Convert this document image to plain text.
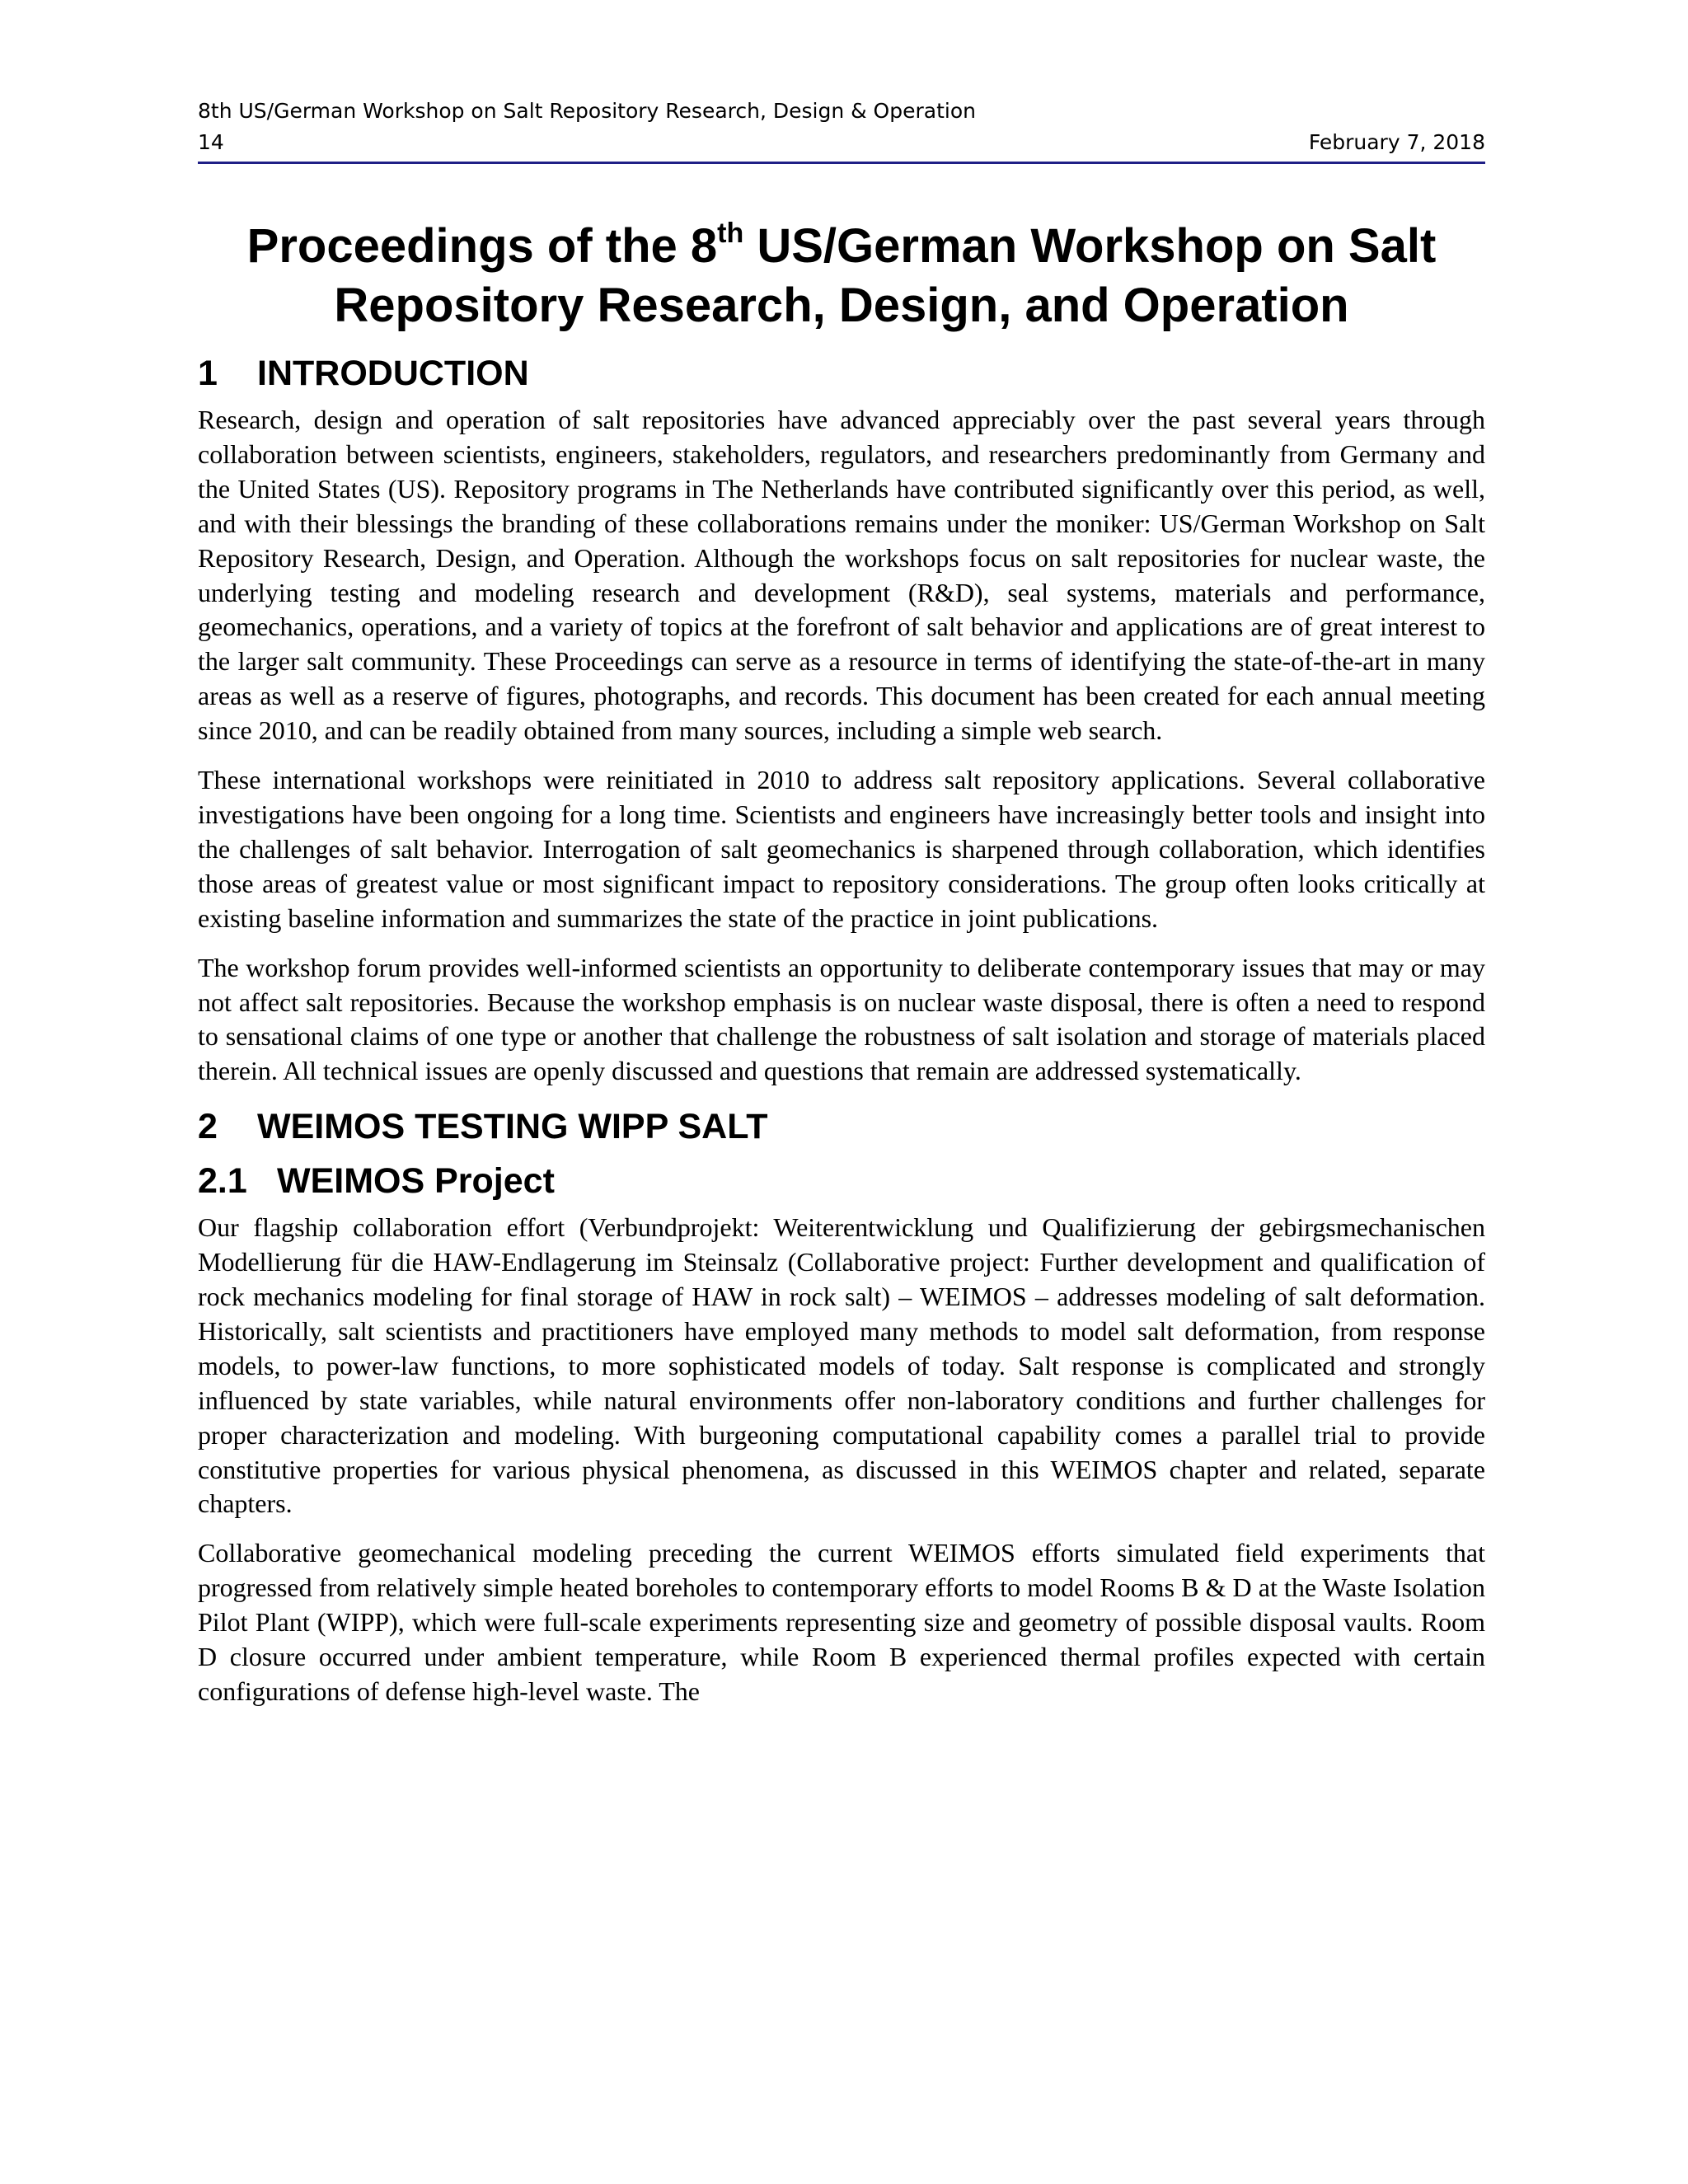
8th US/German Workshop on Salt Repository Research, Design & Operation
14	February 7, 2018
Proceedings of the 8th US/German Workshop on Salt
Repository Research, Design, and Operation
1 INTRODUCTION

Research, design and operation of salt repositories have advanced appreciably over the past several years through collaboration between scientists, engineers, stakeholders, regulators, and researchers predominantly from Germany and the United States (US). Repository programs in The Netherlands have contributed significantly over this period, as well, and with their blessings the branding of these collaborations remains under the moniker: US/German Workshop on Salt Repository Research, Design, and Operation. Although the workshops focus on salt repositories for nuclear waste, the underlying testing and modeling research and development (R&D), seal systems, materials and performance, geomechanics, operations, and a variety of topics at the forefront of salt behavior and applications are of great interest to the larger salt community. These Proceedings can serve as a resource in terms of identifying the state-of-the-art in many areas as well as a reserve of figures, photographs, and records. This document has been created for each annual meeting since 2010, and can be readily obtained from many sources, including a simple web search.

These international workshops were reinitiated in 2010 to address salt repository applications. Several collaborative investigations have been ongoing for a long time. Scientists and engineers have increasingly better tools and insight into the challenges of salt behavior. Interrogation of salt geomechanics is sharpened through collaboration, which identifies those areas of greatest value or most significant impact to repository considerations. The group often looks critically at existing baseline information and summarizes the state of the practice in joint publications.

The workshop forum provides well-informed scientists an opportunity to deliberate contemporary issues that may or may not affect salt repositories. Because the workshop emphasis is on nuclear waste disposal, there is often a need to respond to sensational claims of one type or another that challenge the robustness of salt isolation and storage of materials placed therein. All technical issues are openly discussed and questions that remain are addressed systematically.

2 WEIMOS TESTING WIPP SALT
2.1 WEIMOS Project

Our flagship collaboration effort (Verbundprojekt: Weiterentwicklung und Qualifizierung der gebirgsmechanischen Modellierung für die HAW-Endlagerung im Steinsalz (Collaborative project: Further development and qualification of rock mechanics modeling for final storage of HAW in rock salt) – WEIMOS – addresses modeling of salt deformation. Historically, salt scientists and practitioners have employed many methods to model salt deformation, from response models, to power-law functions, to more sophisticated models of today. Salt response is complicated and strongly influenced by state variables, while natural environments offer non-laboratory conditions and further challenges for proper characterization and modeling. With burgeoning computational capability comes a parallel trial to provide constitutive properties for various physical phenomena, as discussed in this WEIMOS chapter and related, separate chapters.

Collaborative geomechanical modeling preceding the current WEIMOS efforts simulated field experiments that progressed from relatively simple heated boreholes to contemporary efforts to model Rooms B & D at the Waste Isolation Pilot Plant (WIPP), which were full-scale experiments representing size and geometry of possible disposal vaults. Room D closure occurred under ambient temperature, while Room B experienced thermal profiles expected with certain configurations of defense high-level waste. The
